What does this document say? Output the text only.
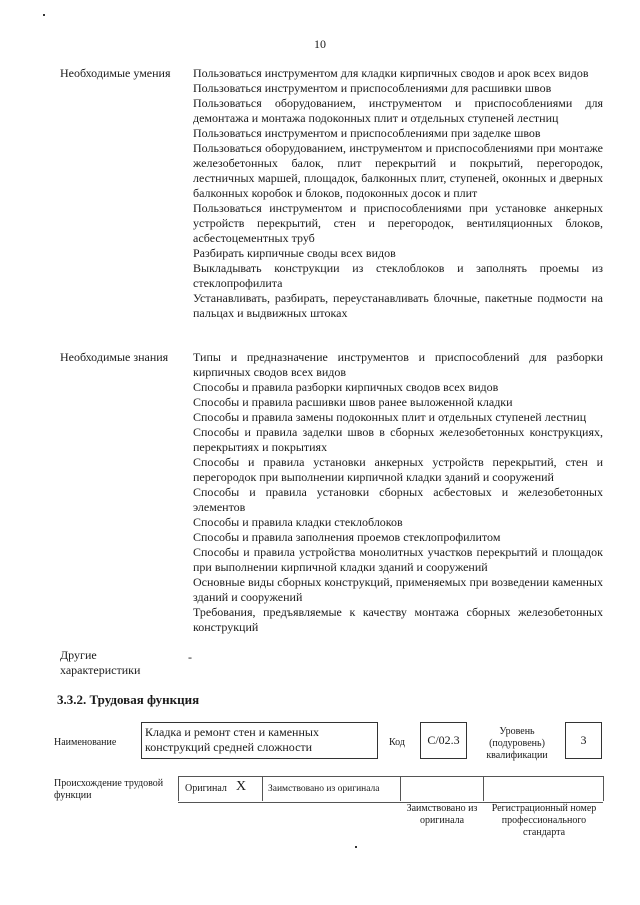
10
Необходимые умения Пользоваться инструментом для кладки кирпичных сводов и арок всех видов

Пользоваться инструментом и приспособлениями для расшивки швов

Пользоваться оборудованием, инструментом и приспособлениями для демонтажа и монтажа подоконных плит и отдельных ступеней лестниц

Пользоваться инструментом и приспособлениями при заделке швов

Пользоваться оборудованием, инструментом и приспособлениями при монтаже железобетонных балок, плит перекрытий и покрытий, перегородок, лестничных маршей, площадок, балконных плит, ступеней, оконных и дверных балконных коробок и блоков, подоконных досок и плит

Пользоваться инструментом и приспособлениями при установке анкерных устройств перекрытий, стен и перегородок, вентиляционных блоков, асбестоцементных труб

Разбирать кирпичные своды всех видов

Выкладывать конструкции из стеклоблоков и заполнять проемы из стеклопрофилита

Устанавливать, разбирать, переустанавливать блочные, пакетные подмости на пальцах и выдвижных штоках

Необходимые знания Типы и предназначение инструментов и приспособлений для разборки кирпичных сводов всех видов

Способы и правила разборки кирпичных сводов всех видов

Способы и правила расшивки швов ранее выложенной кладки

Способы и правила замены подоконных плит и отдельных ступеней лестниц

Способы и правила заделки швов в сборных железобетонных конструкциях, перекрытиях и покрытиях

Способы и правила установки анкерных устройств перекрытий, стен и перегородок при выполнении кирпичной кладки зданий и сооружений

Способы и правила установки сборных асбестовых и железобетонных элементов

Способы и правила кладки стеклоблоков

Способы и правила заполнения проемов стеклопрофилитом

Способы и правила устройства монолитных участков перекрытий и площадок при выполнении кирпичной кладки зданий и сооружений

Основные виды сборных конструкций, применяемых при возведении каменных зданий и сооружений

Требования, предъявляемые к качеству монтажа сборных железобетонных конструкций

Другие характеристики
-
3.3.2. Трудовая функция
Наименование
Кладка и ремонт стен и каменных конструкций средней сложности	Код	C/02.3
Уровень (подуровень) квалификации
3
Происхождение трудовой функции
Оригинал X Заимствовано из оригинала
Заимствовано из оригинала
Регистрационный номер профессионального стандарта
